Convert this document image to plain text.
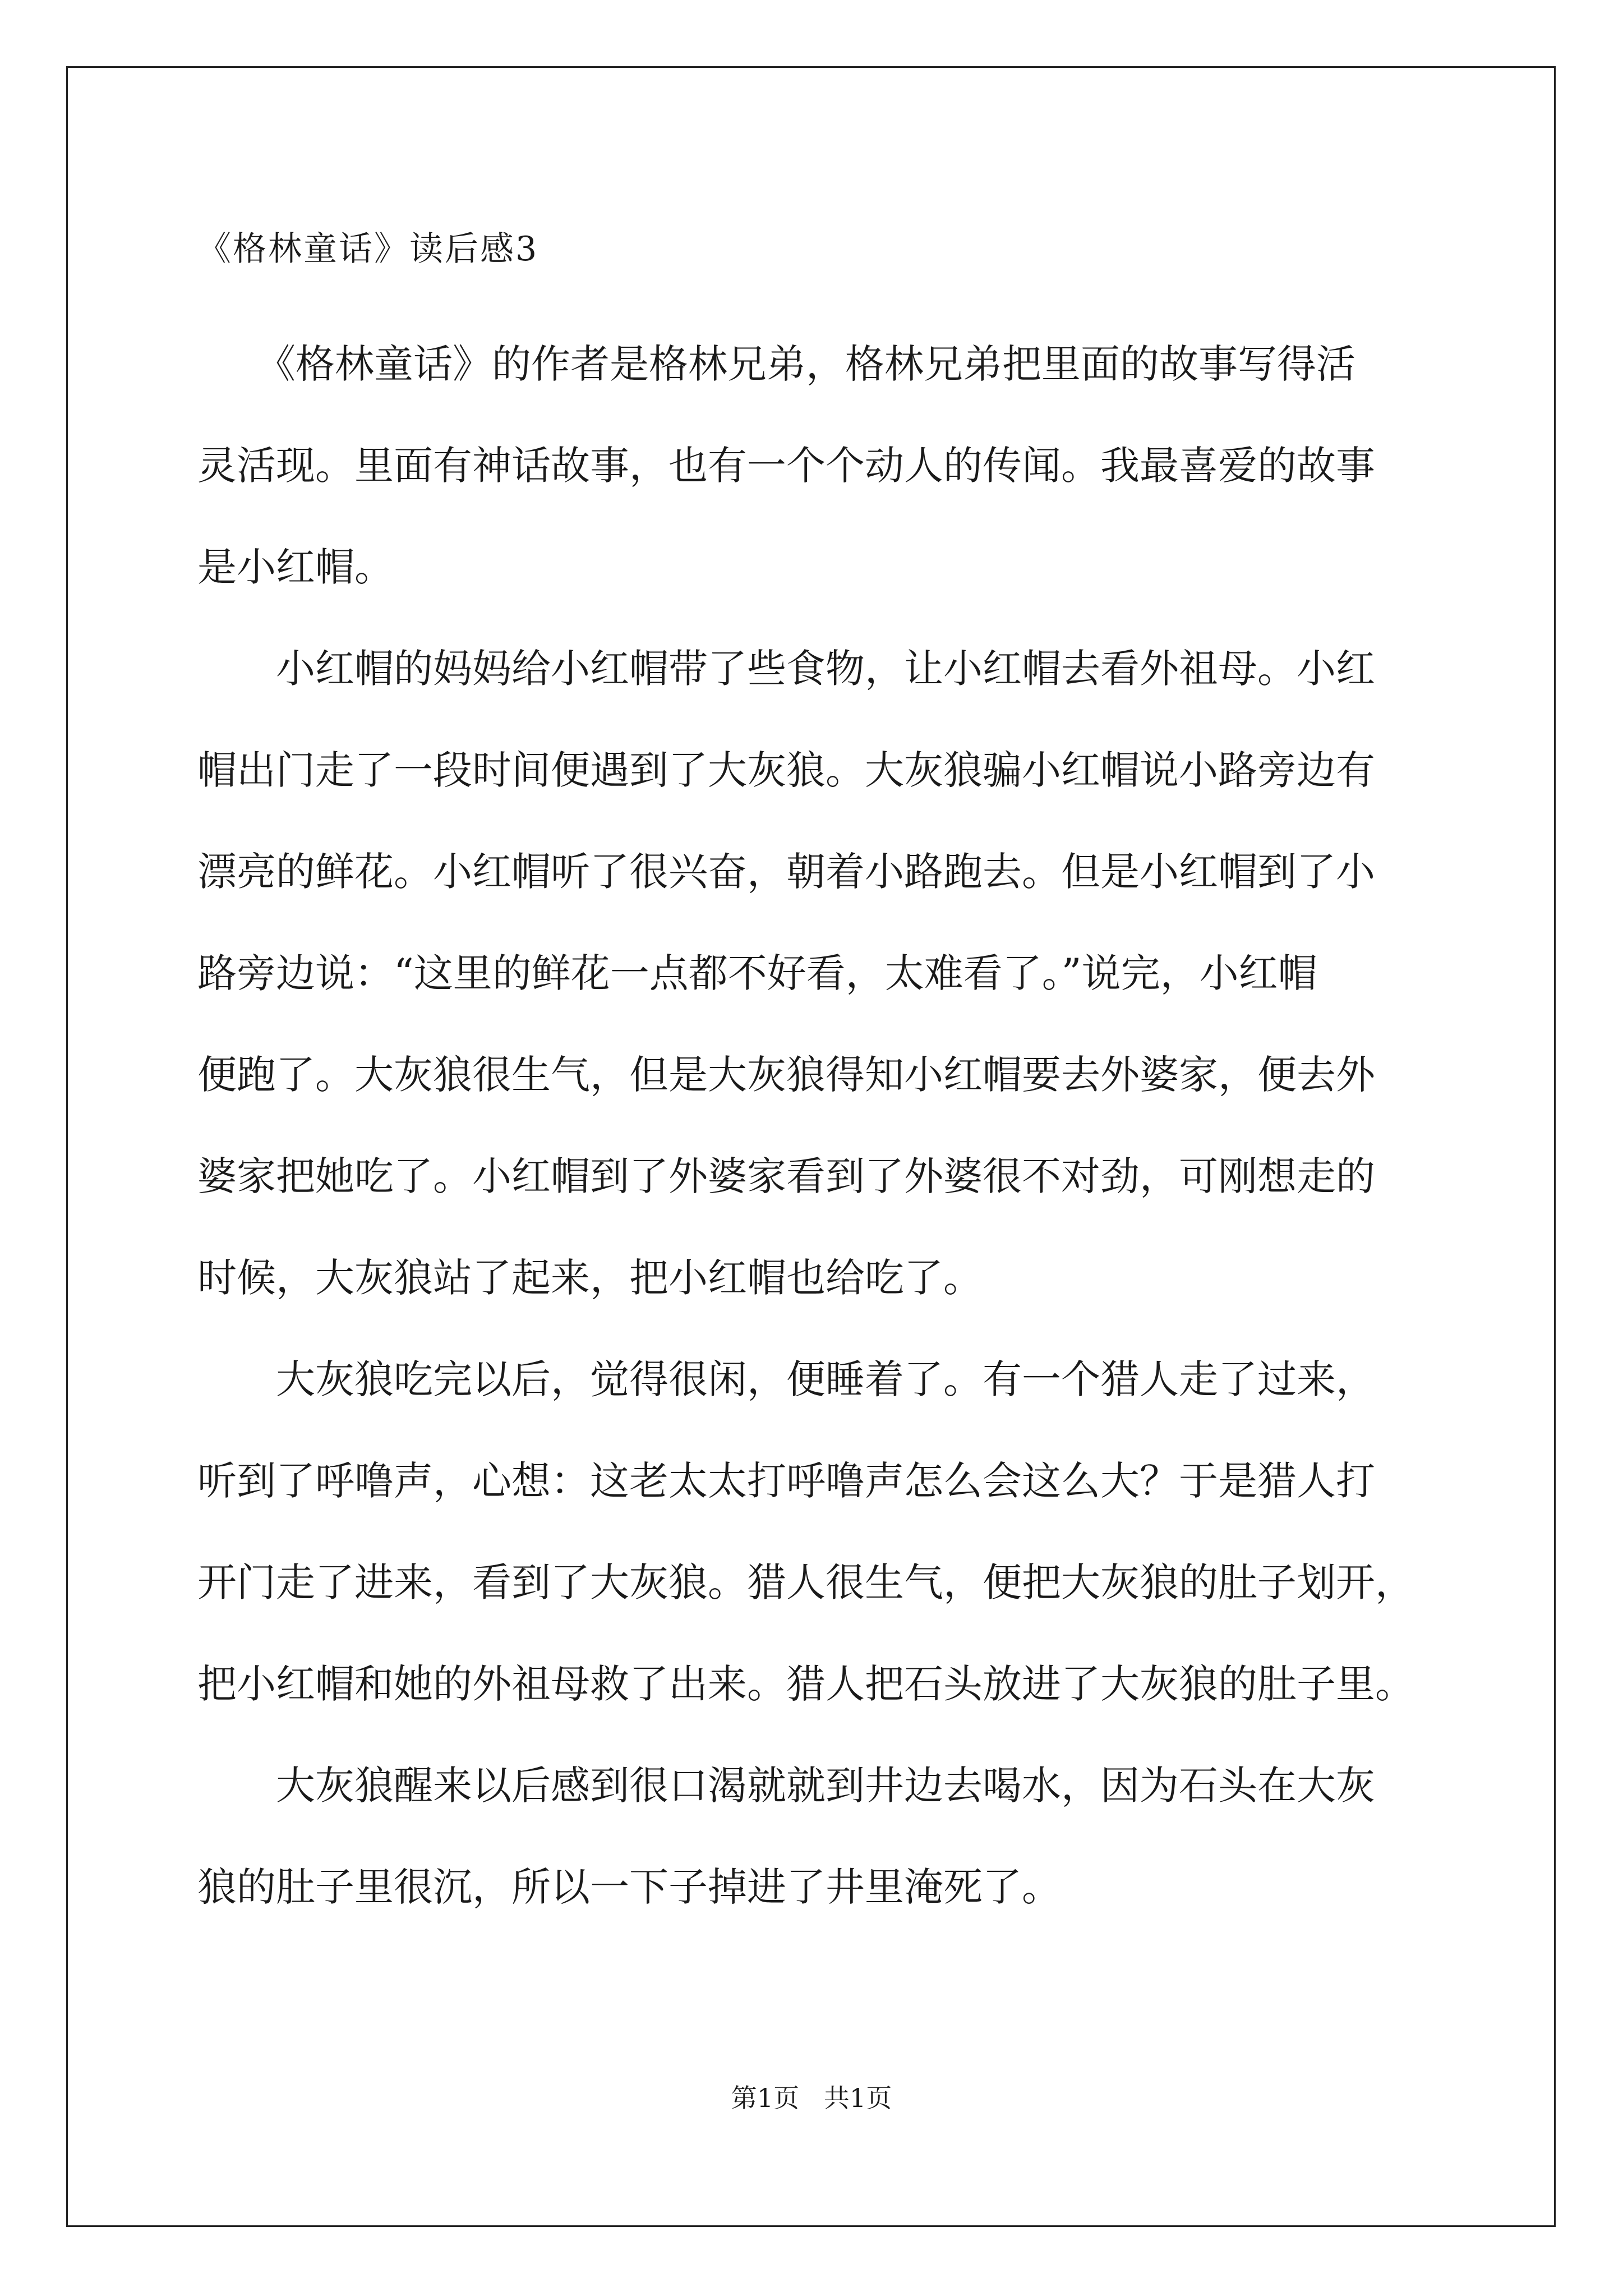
《格林童话》读后感3

　　《格林童话》的作者是格林兄弟，格林兄弟把里面的故事写得活

灵活现。里面有神话故事，也有一个个动人的传闻。我最喜爱的故事

是小红帽。

　　小红帽的妈妈给小红帽带了些食物，让小红帽去看外祖母。小红

帽出门走了一段时间便遇到了大灰狼。大灰狼骗小红帽说小路旁边有

漂亮的鲜花。小红帽听了很兴奋，朝着小路跑去。但是小红帽到了小

路旁边说：“这里的鲜花一点都不好看，太难看了。”说完，小红帽

便跑了。大灰狼很生气，但是大灰狼得知小红帽要去外婆家，便去外

婆家把她吃了。小红帽到了外婆家看到了外婆很不对劲，可刚想走的

时候，大灰狼站了起来，把小红帽也给吃了。

　　大灰狼吃完以后，觉得很闲，便睡着了。有一个猎人走了过来，

听到了呼噜声，心想：这老太太打呼噜声怎么会这么大？于是猎人打

开门走了进来，看到了大灰狼。猎人很生气，便把大灰狼的肚子划开，

把小红帽和她的外祖母救了出来。猎人把石头放进了大灰狼的肚子里。

　　大灰狼醒来以后感到很口渴就就到井边去喝水，因为石头在大灰

狼的肚子里很沉，所以一下子掉进了井里淹死了。

第1页   共1页
